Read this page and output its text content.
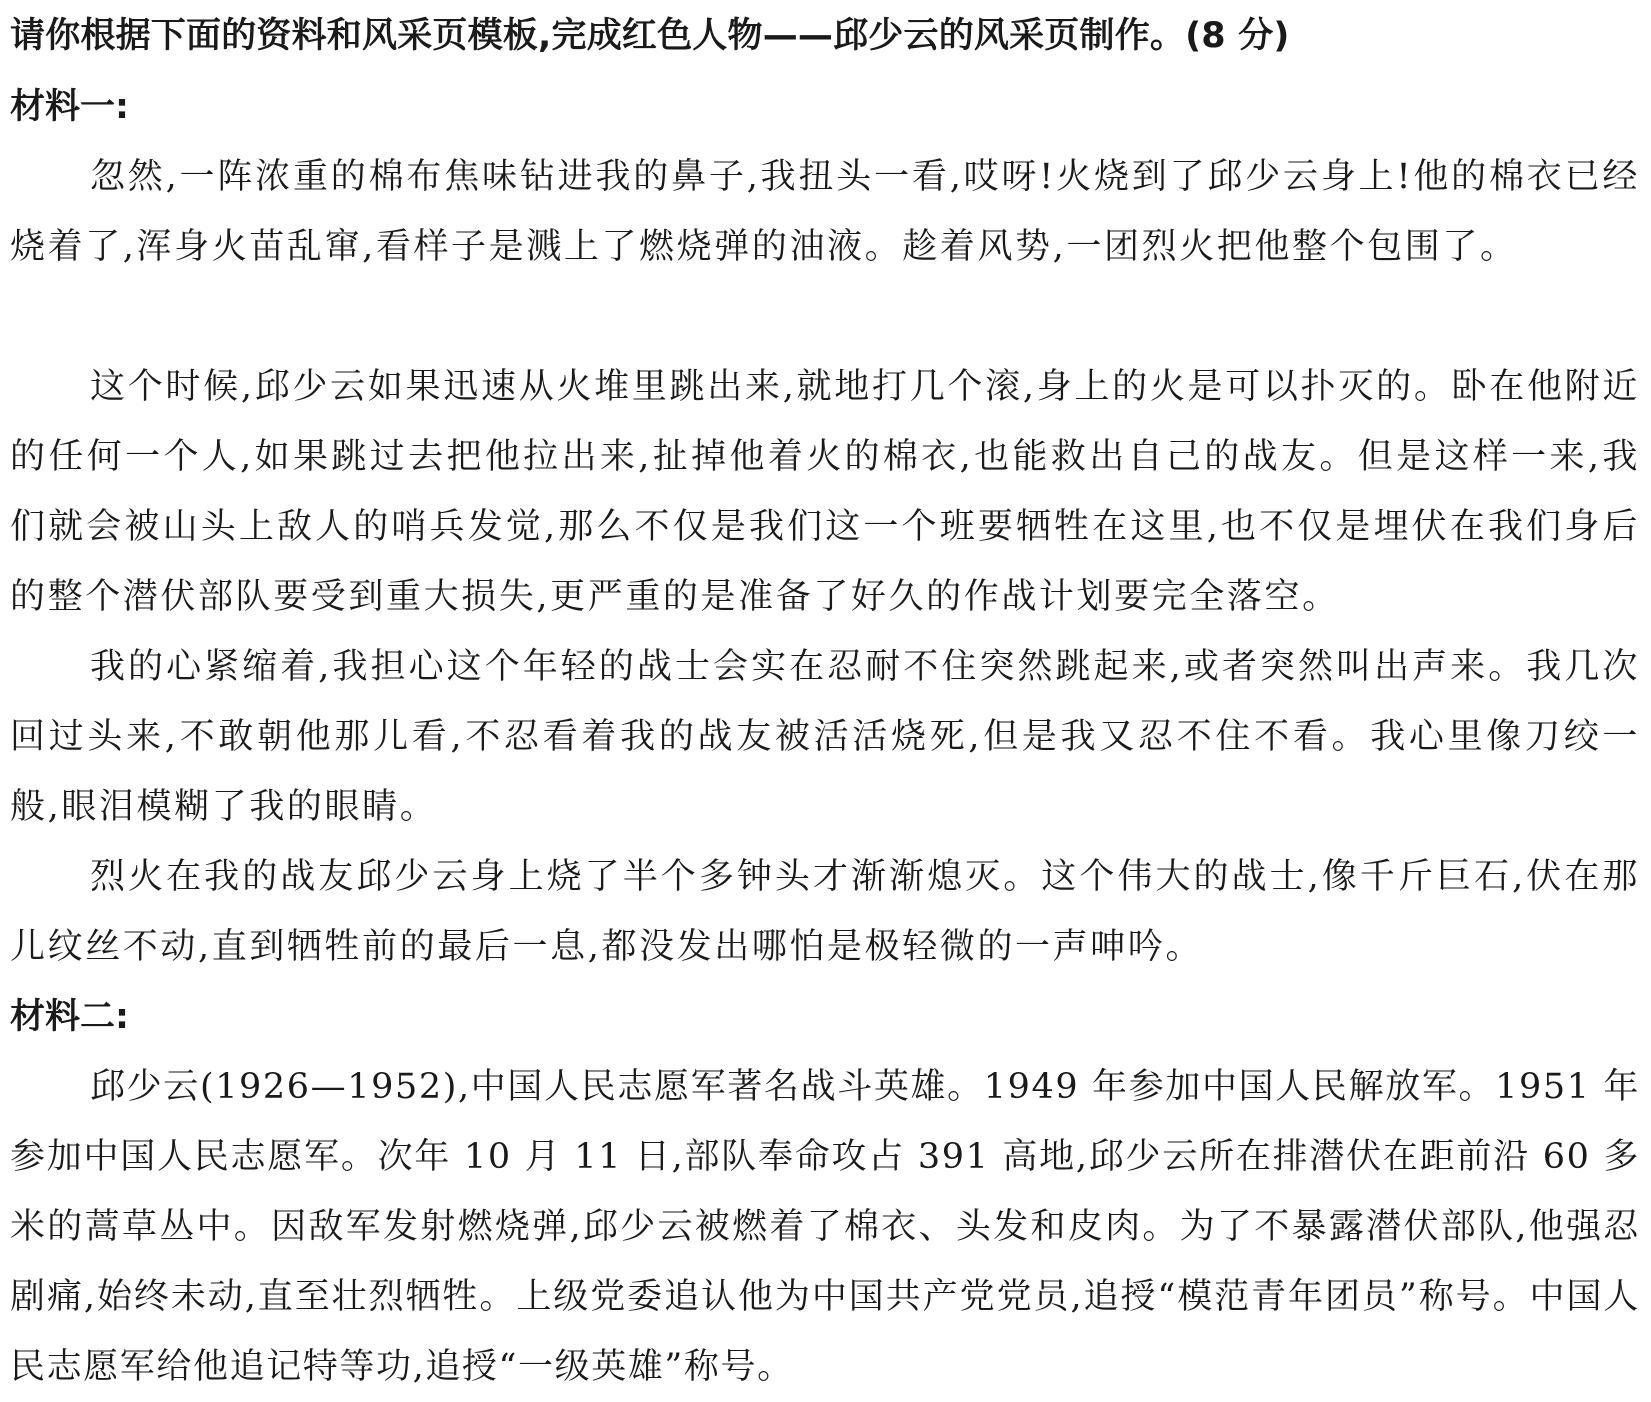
请你根据下面的资料和风采页模板,完成红色人物——邱少云的风采页制作。(8 分)
材料一:

忽然,一阵浓重的棉布焦味钻进我的鼻子,我扭头一看,哎呀!火烧到了邱少云身上!他的棉衣已经烧着了,浑身火苗乱窜,看样子是溅上了燃烧弹的油液。趁着风势,一团烈火把他整个包围了。

这个时候,邱少云如果迅速从火堆里跳出来,就地打几个滚,身上的火是可以扑灭的。卧在他附近的任何一个人,如果跳过去把他拉出来,扯掉他着火的棉衣,也能救出自己的战友。但是这样一来,我们就会被山头上敌人的哨兵发觉,那么不仅是我们这一个班要牺牲在这里,也不仅是埋伏在我们身后的整个潜伏部队要受到重大损失,更严重的是准备了好久的作战计划要完全落空。

我的心紧缩着,我担心这个年轻的战士会实在忍耐不住突然跳起来,或者突然叫出声来。我几次回过头来,不敢朝他那儿看,不忍看着我的战友被活活烧死,但是我又忍不住不看。我心里像刀绞一般,眼泪模糊了我的眼睛。

烈火在我的战友邱少云身上烧了半个多钟头才渐渐熄灭。这个伟大的战士,像千斤巨石,伏在那儿纹丝不动,直到牺牲前的最后一息,都没发出哪怕是极轻微的一声呻吟。

材料二:

邱少云(1926—1952),中国人民志愿军著名战斗英雄。1949 年参加中国人民解放军。1951 年参加中国人民志愿军。次年 10 月 11 日,部队奉命攻占 391 高地,邱少云所在排潜伏在距前沿 60 多米的蒿草丛中。因敌军发射燃烧弹,邱少云被燃着了棉衣、头发和皮肉。为了不暴露潜伏部队,他强忍剧痛,始终未动,直至壮烈牺牲。上级党委追认他为中国共产党党员,追授“模范青年团员”称号。中国人民志愿军给他追记特等功,追授“一级英雄”称号。
